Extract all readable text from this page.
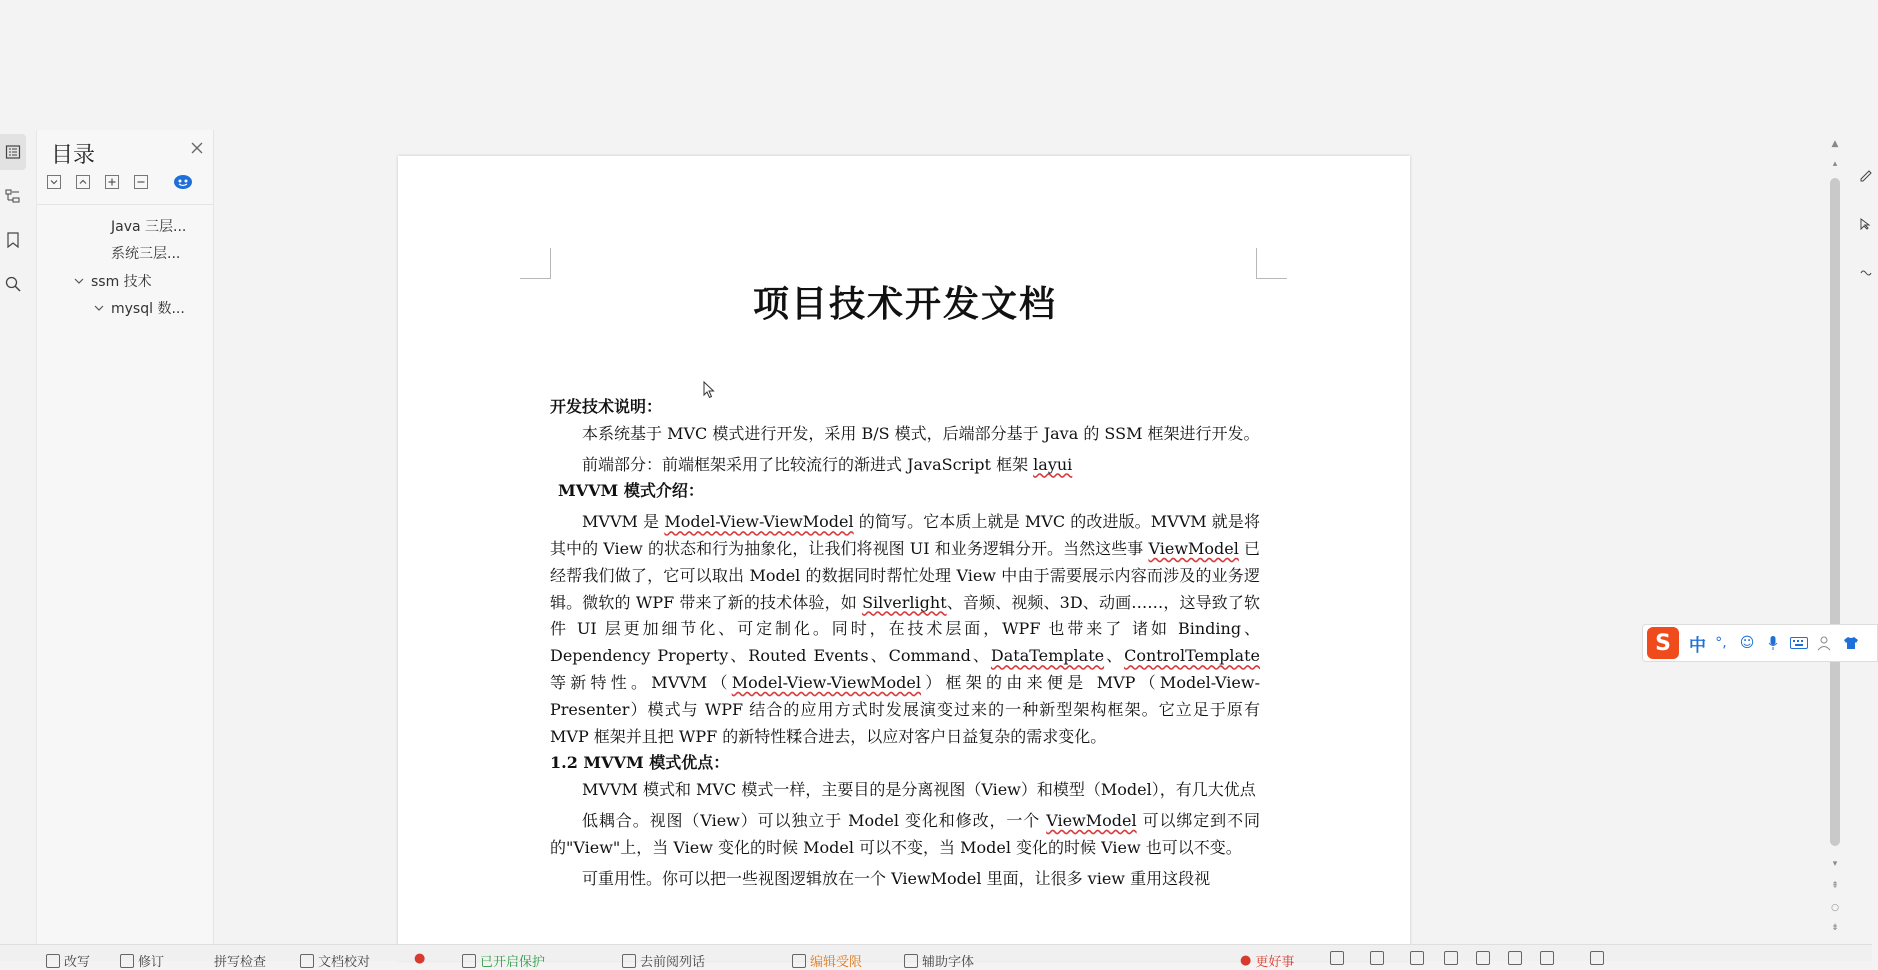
目录
Java 三层...
系统三层...
ssm 技术
mysql 数...	项目技术开发文档
开发技术说明：

本系统基于 MVC 模式进行开发，采用 B/S 模式，后端部分基于 Java 的 SSM 框架进行开发。

前端部分：前端框架采用了比较流行的渐进式 JavaScript 框架 layui

MVVM 模式介绍：

MVVM 是 Model-View-ViewModel 的简写。它本质上就是 MVC 的改进版。MVVM 就是将其中的 View 的状态和行为抽象化，让我们将视图 UI 和业务逻辑分开。当然这些事 ViewModel 已经帮我们做了，它可以取出 Model 的数据同时帮忙处理 View 中由于需要展示内容而涉及的业务逻辑。微软的 WPF 带来了新的技术体验，如 Silverlight、音频、视频、3D、动画……，这导致了软件 UI 层更加细节化、可定制化。同时，在技术层面，WPF 也带来了 诸如 Binding、Dependency Property、Routed Events、Command、DataTemplate、ControlTemplate 等新特性。MVVM（Model-View-ViewModel）框架的由来便是 MVP（Model-View-Presenter）模式与 WPF 结合的应用方式时发展演变过来的一种新型架构框架。它立足于原有 MVP 框架并且把 WPF 的新特性糅合进去，以应对客户日益复杂的需求变化。

1.2 MVVM 模式优点：

MVVM 模式和 MVC 模式一样，主要目的是分离视图（View）和模型（Model），有几大优点

低耦合。视图（View）可以独立于 Model 变化和修改，一个 ViewModel 可以绑定到不同的"View"上，当 View 变化的时候 Model 可以不变，当 Model 变化的时候 View 也可以不变。

可重用性。你可以把一些视图逻辑放在一个 ViewModel 里面，让很多 view 重用这段视

▲
▴
▾
⇞
○
⇟
S	中 °, ☺
改写	修订	拼写检查	文档校对	●	已开启保护	去前阅列话	编辑受限	辅助字体	● 更好事
